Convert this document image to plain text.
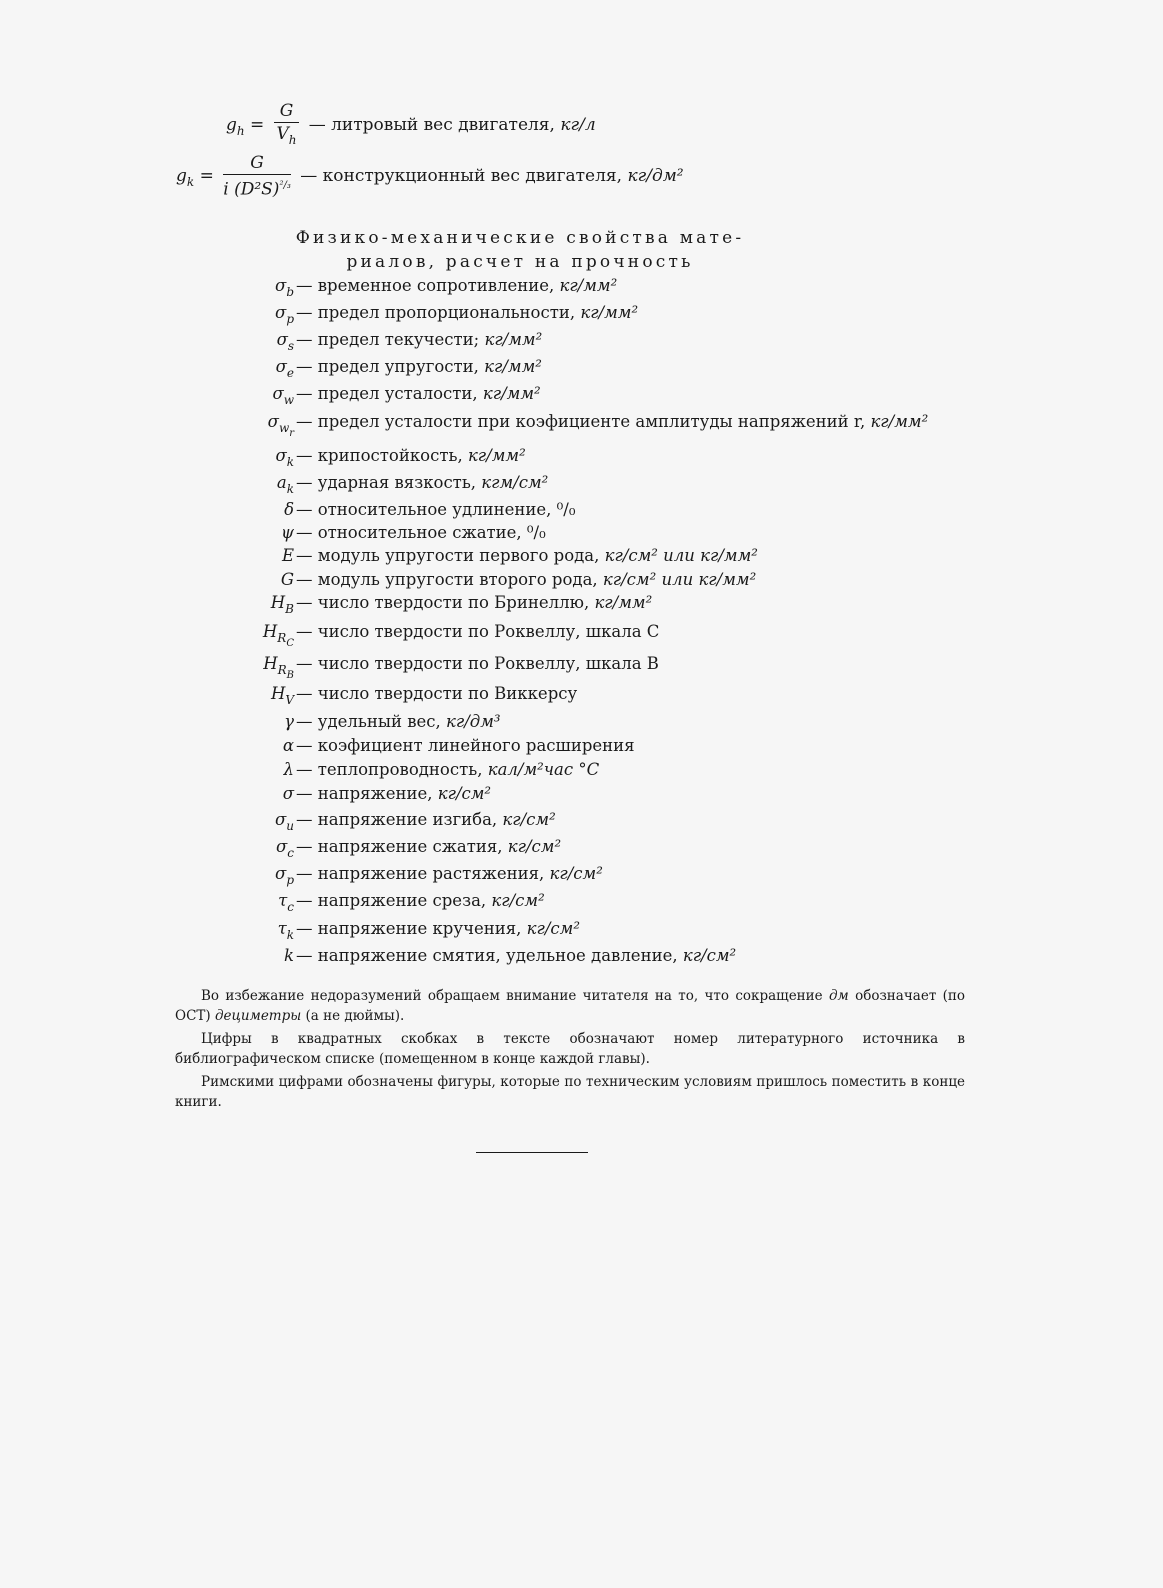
$g_h = \frac{G}{V_h}$ — литровый вес двигателя, кг/л
$g_k = \frac{G}{i (D^2S)^{^2/_3}}$ — конструкционный вес двигателя, кг/дм²
Физико-механические свойства мате-
риалов, расчет на прочность
$\sigma_b$ — временное сопротивление, кг/мм²
$\sigma_p$ — предел пропорциональности, кг/мм²
$\sigma_s$ — предел текучести; кг/мм²
$\sigma_e$ — предел упругости, кг/мм²
$\sigma_w$ — предел усталости, кг/мм²
$\sigma_{wr}$
— предел усталости при коэфициенте амплитуды напряжений r, кг/мм²
$\sigma_k$ — крипостойкость, кг/мм²
$a_k$ — ударная вязкость, кгм/см²
δ — относительное удлинение, ⁰/₀
ψ — относительное сжатие, ⁰/₀
E — модуль упругости первого рода, кг/см² или кг/мм²
G — модуль упругости второго рода, кг/см² или кг/мм²
$H_B$ — число твердости по Бринеллю, кг/мм²
$H_{RC}$
— число твердости по Роквеллу, шкала C
$H_{RB}$
— число твердости по Роквеллу, шкала B
$H_V$ — число твердости по Виккерсу
γ — удельный вес, кг/дм³
α — коэфициент линейного расширения
λ — теплопроводность, кал/м²час °C
σ — напряжение, кг/см²
$\sigma_u$ — напряжение изгиба, кг/см²
$\sigma_c$ — напряжение сжатия, кг/см²
$\sigma_p$ — напряжение растяжения, кг/см²
$\tau_c$ — напряжение среза, кг/см²
$\tau_k$ — напряжение кручения, кг/см²
k — напряжение смятия, удельное давление, кг/см²

Во избежание недоразумений обращаем внимание читателя на то, что сокращение дм обозначает (по ОСТ) дециметры (а не дюймы).

Цифры в квадратных скобках в тексте обозначают номер литературного источника в библиографическом списке (помещенном в конце каждой главы).

Римскими цифрами обозначены фигуры, которые по техническим условиям пришлось поместить в конце книги.
